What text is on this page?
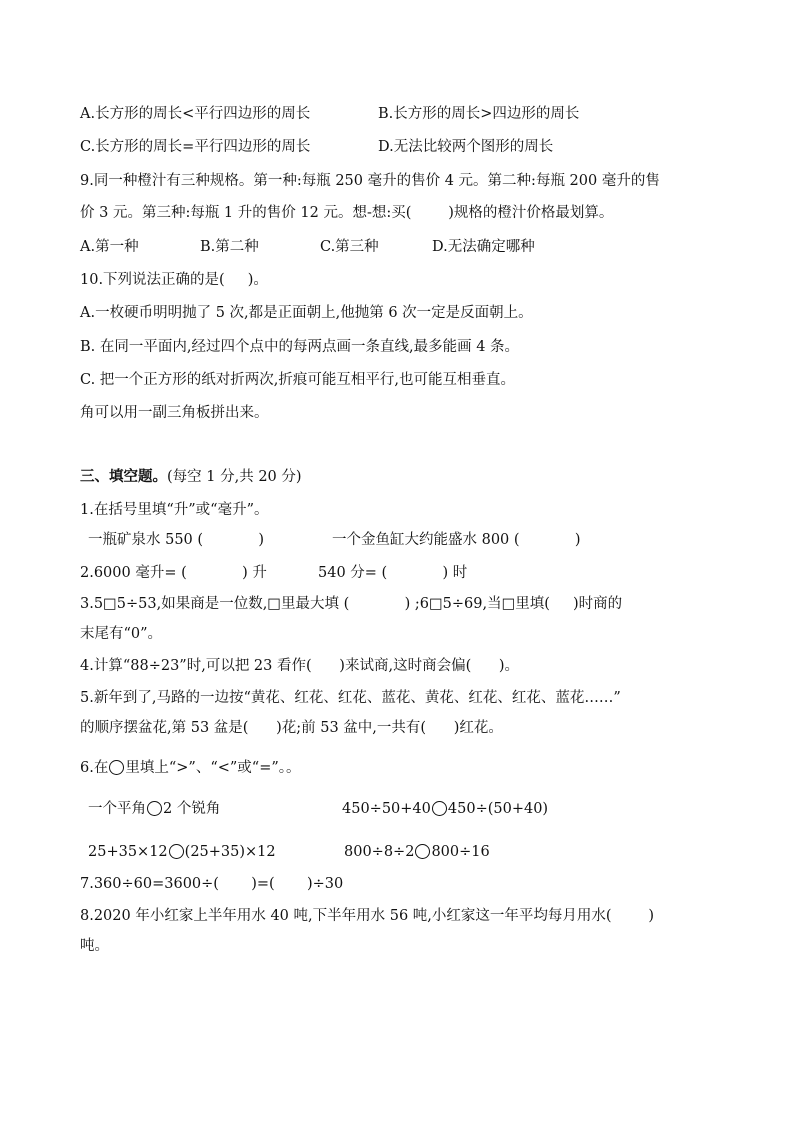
A.长方形的周长<平行四边形的周长	B.长方形的周长>四边形的周长
C.长方形的周长=平行四边形的周长	D.无法比较两个图形的周长
9.同一种橙汁有三种规格。第一种:每瓶 250 毫升的售价 4 元。第二种:每瓶 200 毫升的售
价 3 元。第三种:每瓶 1 升的售价 12 元。想-想:买(        )规格的橙汁价格最划算。
A.第一种	B.第二种	C.第三种	D.无法确定哪种
10.下列说法正确的是(     )。
A.一枚硬币明明抛了 5 次,都是正面朝上,他抛第 6 次一定是反面朝上。
B. 在同一平面内,经过四个点中的每两点画一条直线,最多能画 4 条。
C. 把一个正方形的纸对折两次,折痕可能互相平行,也可能互相垂直。
角可以用一副三角板拼出来。
三、填空题。(每空 1 分,共 20 分)
1.在括号里填“升”或“毫升”。
一瓶矿泉水 550 (            )	一个金鱼缸大约能盛水 800 (            )
2.6000 毫升= (            ) 升	540 分= (            ) 时
3.5□5÷53,如果商是一位数,□里最大填 (            ) ;6□5÷69,当□里填(     )时商的
末尾有“0”。
4.计算“88÷23”时,可以把 23 看作(      )来试商,这时商会偏(      )。
5.新年到了,马路的一边按“黄花、红花、红花、蓝花、黄花、红花、红花、蓝花……”
的顺序摆盆花,第 53 盆是(      )花;前 53 盆中,一共有(      )红花。
6.在 里填上“>”、“<”或“=”。。
一个平角 2 个锐角	450÷50+40 450÷(50+40)
25+35×12 (25+35)×12	800÷8÷2 800÷16
7.360÷60=3600÷(       )=(       )÷30
8.2020 年小红家上半年用水 40 吨,下半年用水 56 吨,小红家这一年平均每月用水(        )
吨。
